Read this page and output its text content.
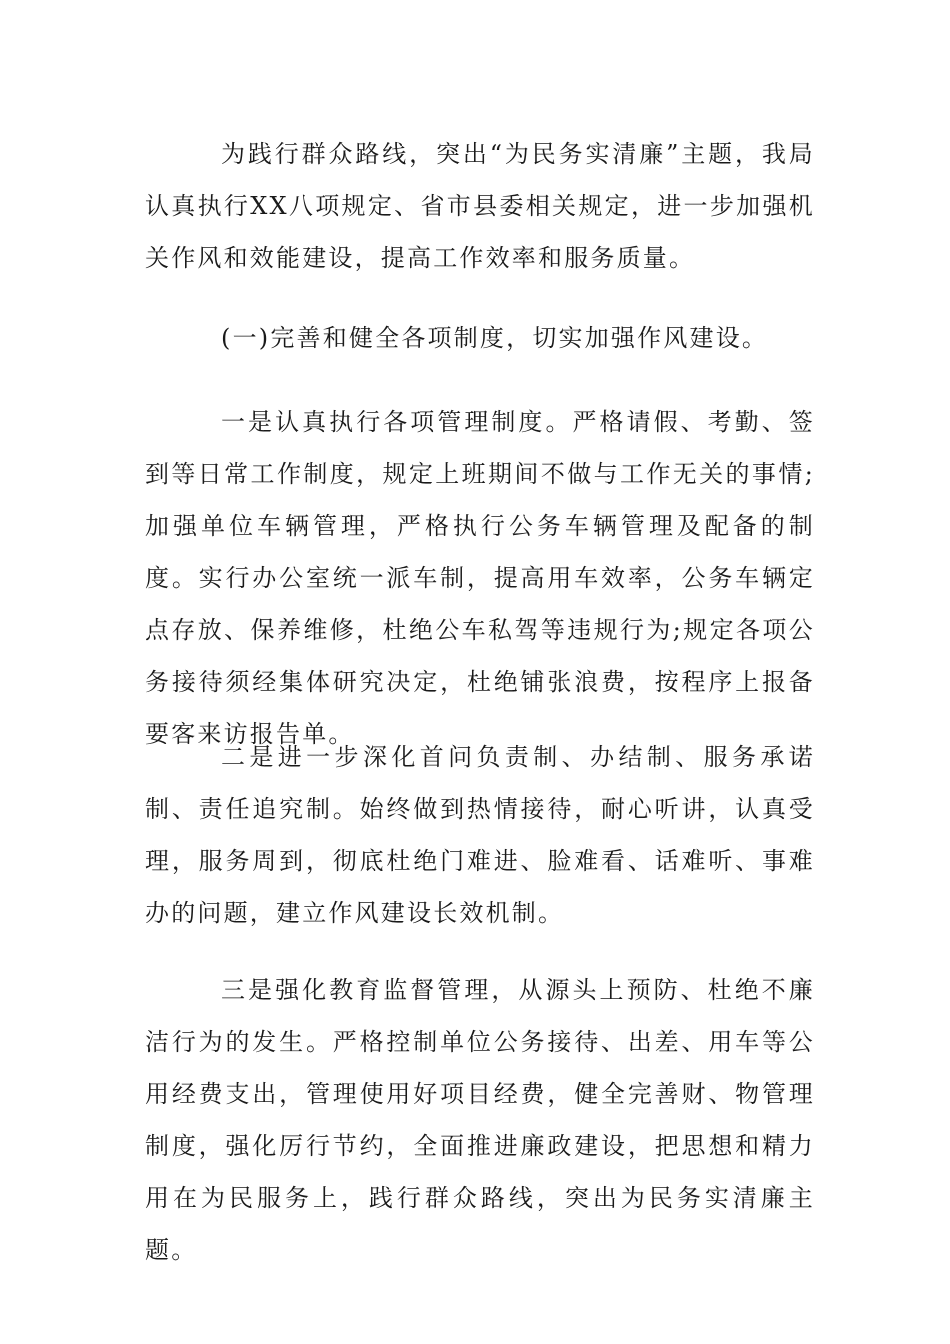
为践行群众路线，突出“为民务实清廉”主题，我局认真执行XX八项规定、省市县委相关规定，进一步加强机关作风和效能建设，提高工作效率和服务质量。

(一)完善和健全各项制度，切实加强作风建设。

一是认真执行各项管理制度。严格请假、考勤、签到等日常工作制度，规定上班期间不做与工作无关的事情;加强单位车辆管理，严格执行公务车辆管理及配备的制度。实行办公室统一派车制，提高用车效率，公务车辆定点存放、保养维修，杜绝公车私驾等违规行为;规定各项公务接待须经集体研究决定，杜绝铺张浪费，按程序上报备要客来访报告单。

二是进一步深化首问负责制、办结制、服务承诺制、责任追究制。始终做到热情接待，耐心听讲，认真受理，服务周到，彻底杜绝门难进、脸难看、话难听、事难办的问题，建立作风建设长效机制。

三是强化教育监督管理，从源头上预防、杜绝不廉洁行为的发生。严格控制单位公务接待、出差、用车等公用经费支出，管理使用好项目经费，健全完善财、物管理制度，强化厉行节约，全面推进廉政建设，把思想和精力用在为民服务上，践行群众路线，突出为民务实清廉主题。
